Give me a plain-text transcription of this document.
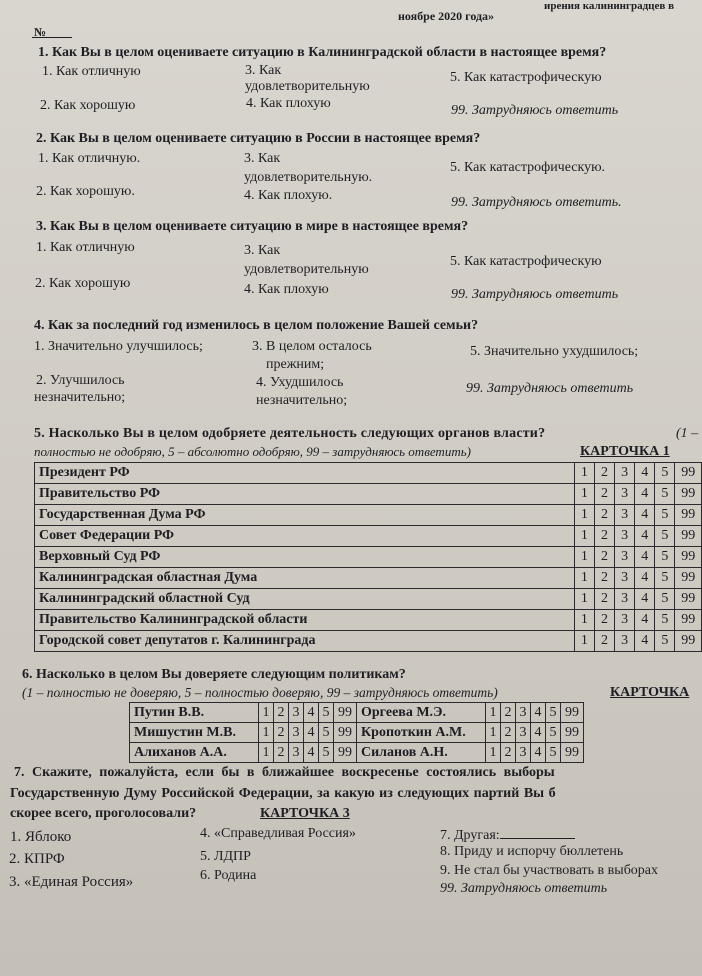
ирения калининградцев в
ноябре 2020 года»
№
1. Как Вы в целом оцениваете ситуацию в Калининградской области в настоящее время?
1. Как отличную	3. Как
удовлетворительную
5. Как катастрофическую
2. Как хорошую	4. Как плохую	99. Затрудняюсь ответить
2. Как Вы в целом оцениваете ситуацию в России в настоящее время?
1. Как отличную.	3. Как
удовлетворительную.
5. Как катастрофическую.
2. Как хорошую.	4. Как плохую.	99. Затрудняюсь ответить.
3. Как Вы в целом оцениваете ситуацию в мире в настоящее время?
1. Как отличную	3. Как
удовлетворительную
5. Как катастрофическую
2. Как хорошую	4. Как плохую	99. Затрудняюсь ответить
4. Как за последний год изменилось в целом положение Вашей семьи?
1. Значительно улучшилось;	3. В целом осталось
прежним;
5. Значительно ухудшилось;
2. Улучшилось
незначительно;
4. Ухудшилось
незначительно;
99. Затрудняюсь ответить
5. Насколько Вы в целом одобряете деятельность следующих органов власти?	(1 –
полностью не одобряю, 5 – абсолютно одобряю, 99 – затрудняюсь ответить)	КАРТОЧКА 1
Президент РФ	1	2	3	4	5	99
Правительство РФ	1	2	3	4	5	99
Государственная Дума РФ	1	2	3	4	5	99
Совет Федерации РФ	1	2	3	4	5	99
Верховный Суд РФ	1	2	3	4	5	99
Калининградская областная Дума	1	2	3	4	5	99
Калининградский областной Суд	1	2	3	4	5	99
Правительство Калининградской области	1	2	3	4	5	99
Городской совет депутатов г. Калининграда	1	2	3	4	5	99
6. Насколько в целом Вы доверяете следующим политикам?
(1 – полностью не доверяю, 5 – полностью доверяю, 99 – затрудняюсь ответить)	КАРТОЧКА
Путин В.В.	1	2	3	4	5	99	Оргеева М.Э.	1	2	3	4	5	99
Мишустин М.В.	1	2	3	4	5	99	Кропоткин А.М.	1	2	3	4	5	99
Алиханов А.А.	1	2	3	4	5	99	Силанов А.Н.	1	2	3	4	5	99
7. Скажите, пожалуйста, если бы в ближайшее воскресенье состоялись выборы
Государственную Думу Российской Федерации, за какую из следующих партий Вы б
скорее всего, проголосовали?	КАРТОЧКА 3
1. Яблоко	4. «Справедливая Россия»	7. Другая:
2. КПРФ	5. ЛДПР	8. Приду и испорчу бюллетень
3. «Единая Россия»	6. Родина	9. Не стал бы участвовать в выборах
99. Затрудняюсь ответить
